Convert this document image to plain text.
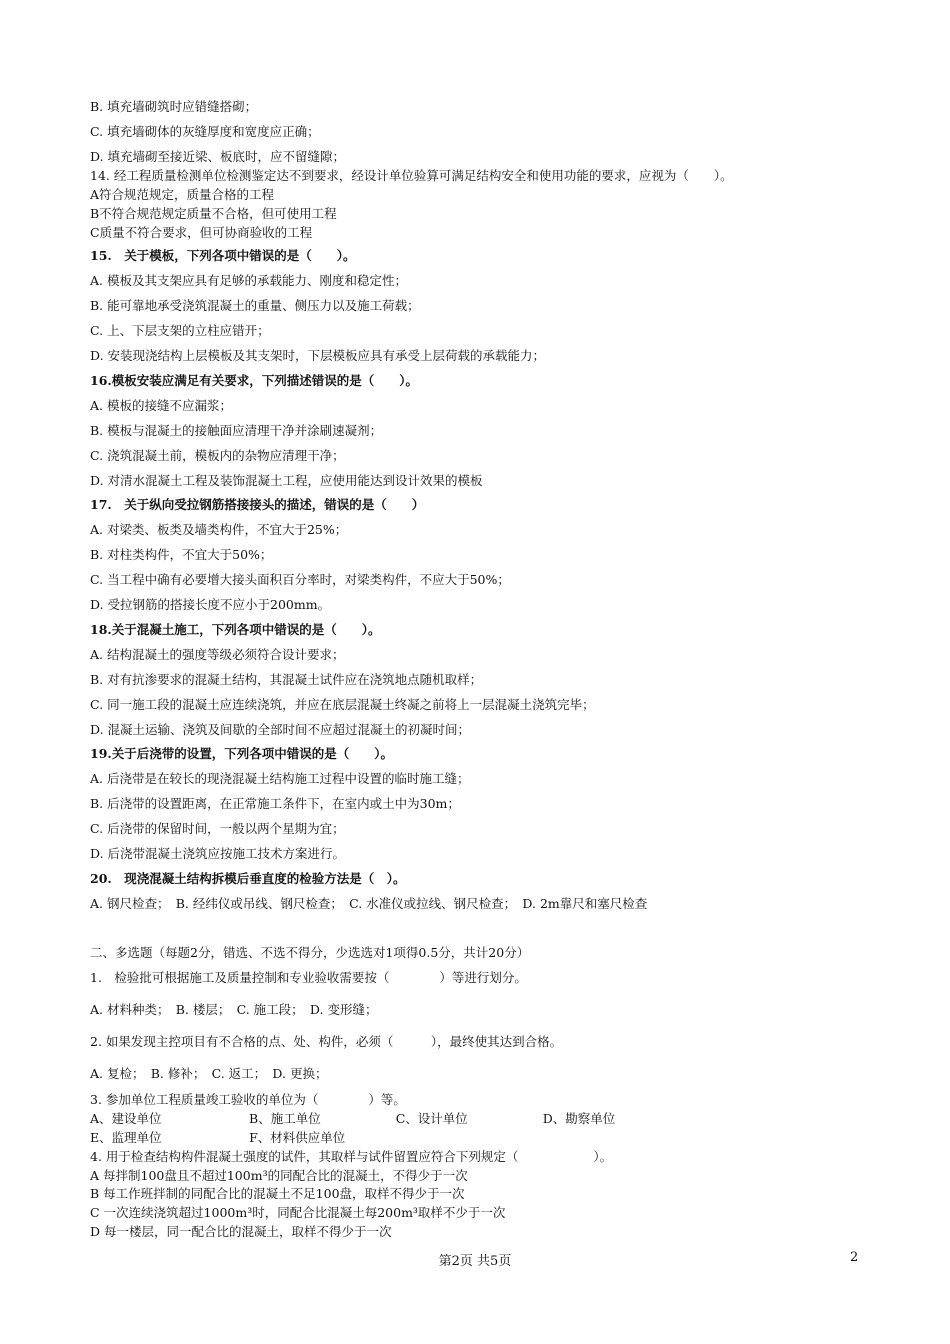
B. 填充墙砌筑时应错缝搭砌；
C. 填充墙砌体的灰缝厚度和宽度应正确；
D. 填充墙砌至接近梁、板底时，应不留缝隙；
14. 经工程质量检测单位检测鉴定达不到要求，经设计单位验算可满足结构安全和使用功能的要求，应视为（　　）。
A符合规范规定，质量合格的工程
B不符合规范规定质量不合格，但可使用工程
C质量不符合要求，但可协商验收的工程
15.　关于模板，下列各项中错误的是（　　）。
A. 模板及其支架应具有足够的承载能力、刚度和稳定性；
B. 能可靠地承受浇筑混凝土的重量、侧压力以及施工荷载；
C. 上、下层支架的立柱应错开；
D. 安装现浇结构上层模板及其支架时，下层模板应具有承受上层荷载的承载能力；
16.模板安装应满足有关要求，下列描述错误的是（　　）。
A. 模板的接缝不应漏浆；
B. 模板与混凝土的接触面应清理干净并涂刷速凝剂；
C. 浇筑混凝土前，模板内的杂物应清理干净；
D. 对清水混凝土工程及装饰混凝土工程，应使用能达到设计效果的模板
17.　关于纵向受拉钢筋搭接接头的描述，错误的是（　　）
A. 对梁类、板类及墙类构件，不宜大于25%；
B. 对柱类构件，不宜大于50%；
C. 当工程中确有必要增大接头面积百分率时，对梁类构件，不应大于50%；
D. 受拉钢筋的搭接长度不应小于200mm。
18.关于混凝土施工，下列各项中错误的是（　　）。
A. 结构混凝土的强度等级必须符合设计要求；
B. 对有抗渗要求的混凝土结构，其混凝土试件应在浇筑地点随机取样；
C. 同一施工段的混凝土应连续浇筑，并应在底层混凝土终凝之前将上一层混凝土浇筑完毕；
D. 混凝土运输、浇筑及间歇的全部时间不应超过混凝土的初凝时间；
19.关于后浇带的设置，下列各项中错误的是（　　）。
A. 后浇带是在较长的现浇混凝土结构施工过程中设置的临时施工缝；
B. 后浇带的设置距离，在正常施工条件下，在室内或土中为30m；
C. 后浇带的保留时间，一般以两个星期为宜；
D. 后浇带混凝土浇筑应按施工技术方案进行。
20.　现浇混凝土结构拆模后垂直度的检验方法是（　）。
A. 钢尺检查；　B. 经纬仪或吊线、钢尺检查；　C. 水准仪或拉线、钢尺检查；　D. 2m靠尺和塞尺检查
二、多选题（每题2分，错选、不选不得分，少选选对1项得0.5分，共计20分）
1.　检验批可根据施工及质量控制和专业验收需要按（　　　　）等进行划分。
A. 材料种类；　B. 楼层；　C. 施工段；　D. 变形缝；
2. 如果发现主控项目有不合格的点、处、构件，必须（　　　），最终使其达到合格。
A. 复检；　B. 修补；　C. 返工；　D. 更换；
3. 参加单位工程质量竣工验收的单位为（　　　　）等。
A、建设单位　　　　　　　B、施工单位　　　　　　C、设计单位　　　　　　D、勘察单位
E、监理单位　　　　　　　F、材料供应单位
4. 用于检查结构构件混凝土强度的试件，其取样与试件留置应符合下列规定（　　　　　　）。
A 每拌制100盘且不超过100m³的同配合比的混凝土，不得少于一次
B 每工作班拌制的同配合比的混凝土不足100盘，取样不得少于一次
C 一次连续浇筑超过1000m³时，同配合比混凝土每200m³取样不少于一次
D 每一楼层，同一配合比的混凝土，取样不得少于一次
第2页 共5页	2
